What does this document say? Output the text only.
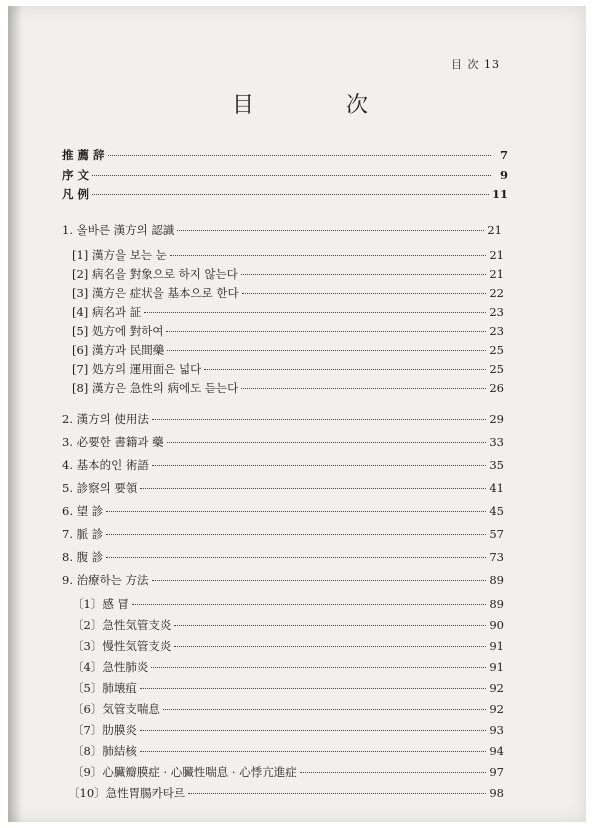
目 次 13
目	次
推 薦 辞	7
序 文	9
凡 例	11
1. 올바른 漢方의 認識	21
[1] 漢方을 보는 눈	21
[2] 病名을 對象으로 하지 않는다	21
[3] 漢方은 症状을 基本으로 한다	22
[4] 病名과 証	23
[5] 処方에 對하여	23
[6] 漢方과 民間藥	25
[7] 処方의 運用面은 넓다	25
[8] 漢方은 急性의 病에도 듣는다	26
2. 漢方의 使用法	29
3. 必要한 書籍과 藥	33
4. 基本的인 術語	35
5. 診察의 要領	41
6. 望 診	45
7. 脈 診	57
8. 腹 診	73
9. 治療하는 方法	89
〔1〕感 冒	89
〔2〕急性気管支炎	90
〔3〕慢性気管支炎	91
〔4〕急性肺炎	91
〔5〕肺壊疽	92
〔6〕気管支喘息	92
〔7〕肋膜炎	93
〔8〕肺結核	94
〔9〕心臟瓣膜症 · 心臟性喘息 · 心悸亢進症	97
〔10〕急性胃腸카타르	98
